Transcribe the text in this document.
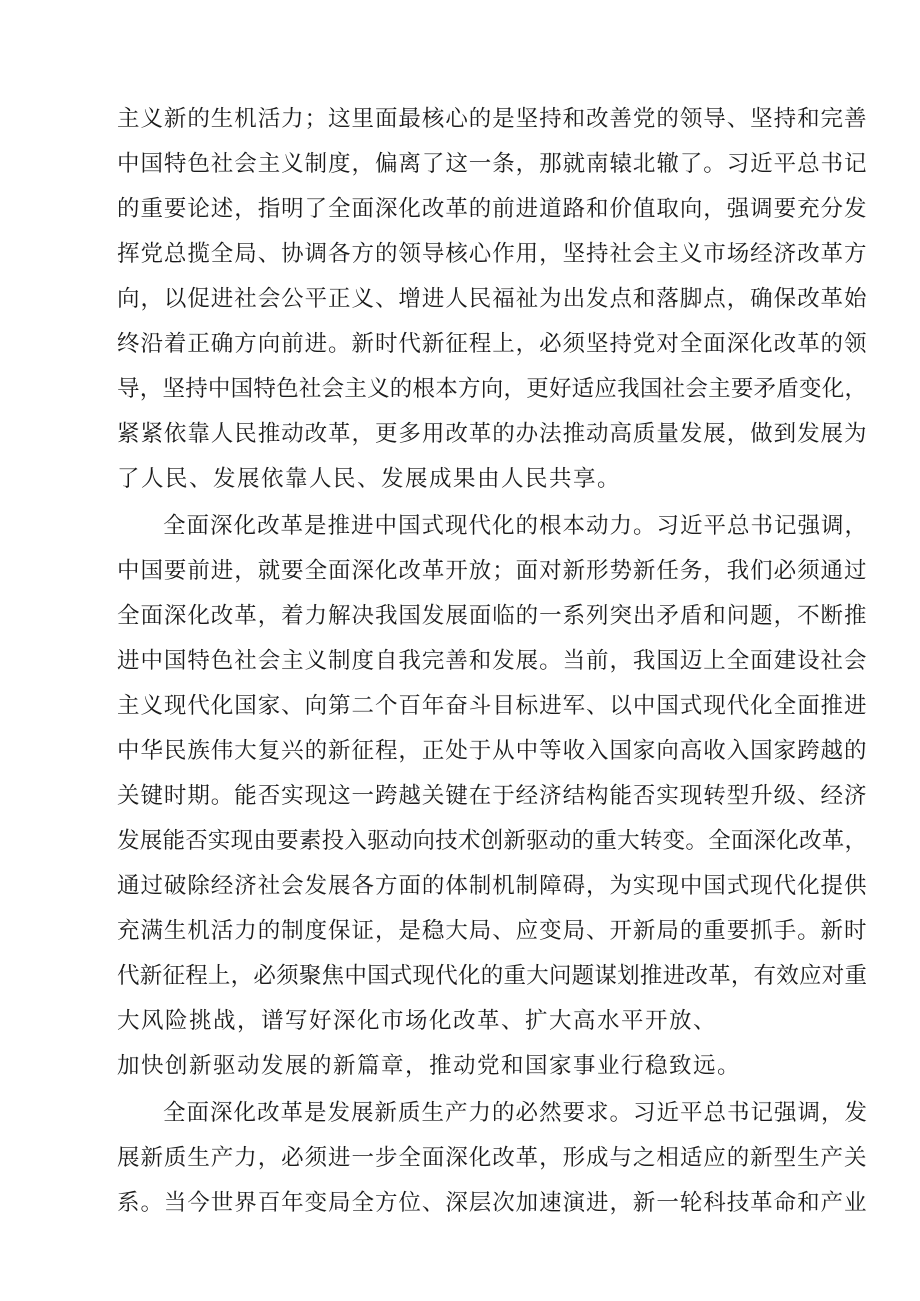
主义新的生机活力；这里面最核心的是坚持和改善党的领导、坚持和完善
中国特色社会主义制度，偏离了这一条，那就南辕北辙了。习近平总书记
的重要论述，指明了全面深化改革的前进道路和价值取向，强调要充分发
挥党总揽全局、协调各方的领导核心作用，坚持社会主义市场经济改革方
向，以促进社会公平正义、增进人民福祉为出发点和落脚点，确保改革始
终沿着正确方向前进。新时代新征程上，必须坚持党对全面深化改革的领
导，坚持中国特色社会主义的根本方向，更好适应我国社会主要矛盾变化，
紧紧依靠人民推动改革，更多用改革的办法推动高质量发展，做到发展为
了人民、发展依靠人民、发展成果由人民共享。
全面深化改革是推进中国式现代化的根本动力。习近平总书记强调，
中国要前进，就要全面深化改革开放；面对新形势新任务，我们必须通过
全面深化改革，着力解决我国发展面临的一系列突出矛盾和问题，不断推
进中国特色社会主义制度自我完善和发展。当前，我国迈上全面建设社会
主义现代化国家、向第二个百年奋斗目标进军、以中国式现代化全面推进
中华民族伟大复兴的新征程，正处于从中等收入国家向高收入国家跨越的
关键时期。能否实现这一跨越关键在于经济结构能否实现转型升级、经济
发展能否实现由要素投入驱动向技术创新驱动的重大转变。全面深化改革，
通过破除经济社会发展各方面的体制机制障碍，为实现中国式现代化提供
充满生机活力的制度保证，是稳大局、应变局、开新局的重要抓手。新时
代新征程上，必须聚焦中国式现代化的重大问题谋划推进改革，有效应对重
大风险挑战，谱写好深化市场化改革、扩大高水平开放、
加快创新驱动发展的新篇章，推动党和国家事业行稳致远。
全面深化改革是发展新质生产力的必然要求。习近平总书记强调，发
展新质生产力，必须进一步全面深化改革，形成与之相适应的新型生产关
系。当今世界百年变局全方位、深层次加速演进，新一轮科技革命和产业
